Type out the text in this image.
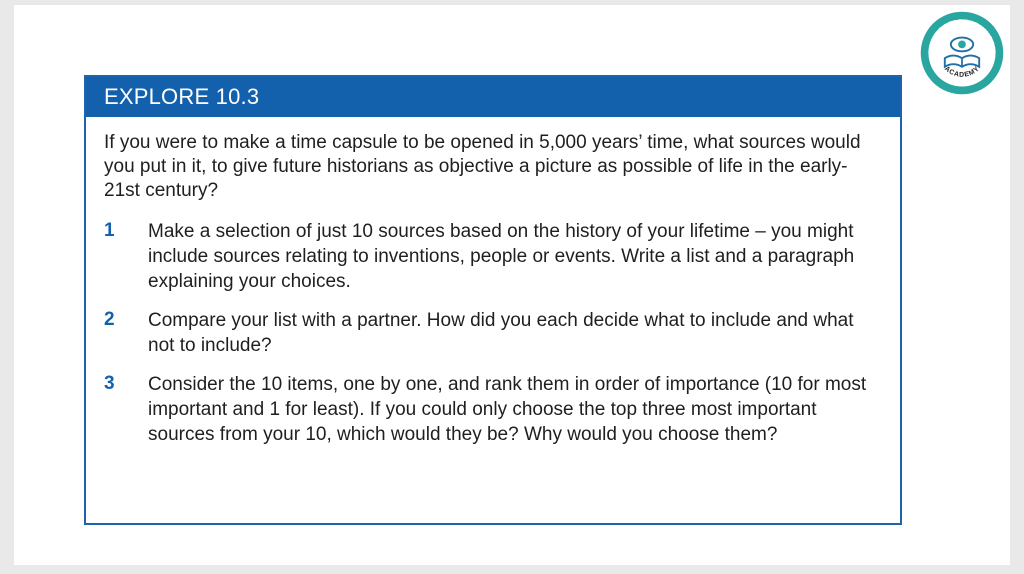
EXPLORE 10.3

If you were to make a time capsule to be opened in 5,000 years’ time, what sources would you put in it, to give future historians as objective a picture as possible of life in the early-21st century?

1	Make a selection of just 10 sources based on the history of your lifetime – you might include sources relating to inventions, people or events. Write a list and a paragraph explaining your choices.
2	Compare your list with a partner. How did you each decide what to include and what not to include?
3	Consider the 10 items, one by one, and rank them in order of importance (10 for most important and 1 for least). If you could only choose the top three most important sources from your 10, which would they be? Why would you choose them?
WWW.GOZDETORUN.COM
ACADEMY
